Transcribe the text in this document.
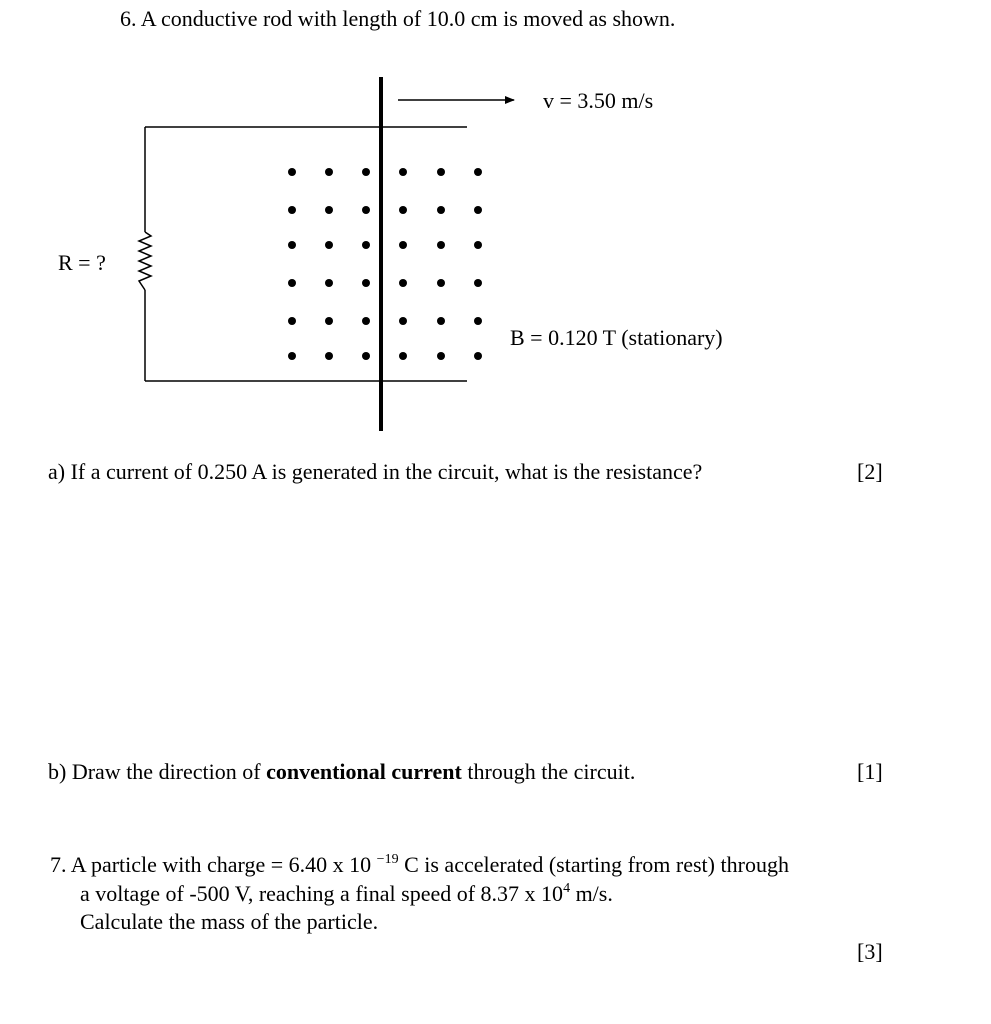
6. A conductive rod with length of 10.0 cm is moved as shown.
v = 3.50 m/s
B = 0.120 T (stationary)
R = ?
a) If a current of 0.250 A is generated in the circuit, what is the resistance?	[2]
b) Draw the direction of conventional current through the circuit.	[1]
7. A particle with charge = 6.40 x 10 $^{-19}$ C is accelerated (starting from rest) through
a voltage of -500 V, reaching a final speed of 8.37 x $10^4$ m/s.
Calculate the mass of the particle.
[3]
